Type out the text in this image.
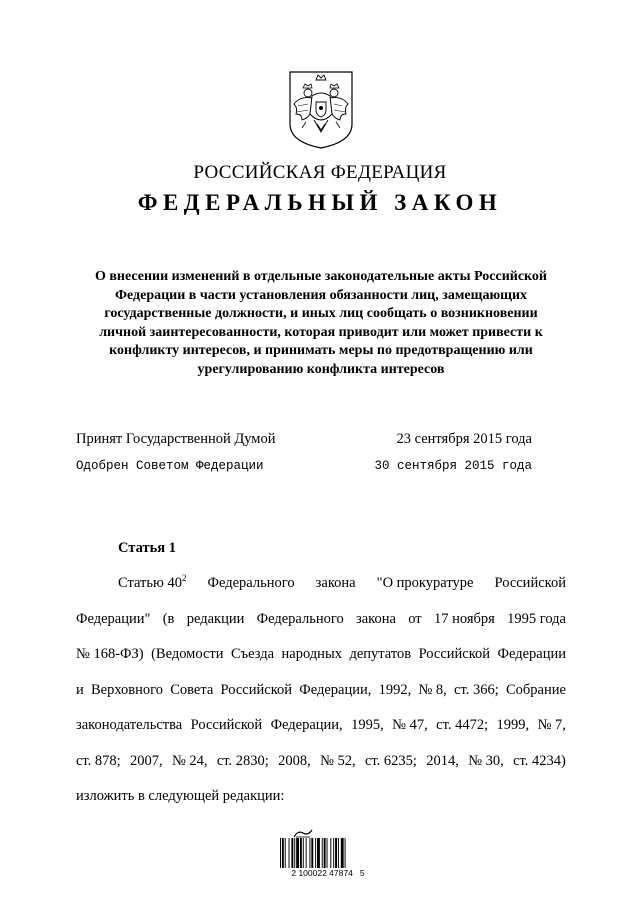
РОССИЙСКАЯ ФЕДЕРАЦИЯ
ФЕДЕРАЛЬНЫЙ ЗАКОН
О внесении изменений в отдельные законодательные акты Российской Федерации в части установления обязанности лиц, замещающих государственные должности, и иных лиц сообщать о возникновении личной заинтересованности, которая приводит или может привести к конфликту интересов, и принимать меры по предотвращению или урегулированию конфликта интересов
Принят Государственной Думой	23 сентября 2015 года
Одобрен Советом Федерации	30 сентября 2015 года
Статья 1
Статью $40^2$ Федерального закона "О прокуратуре Российской
Федерации" (в редакции Федерального закона от 17 ноября 1995 года
№ 168-ФЗ) (Ведомости Съезда народных депутатов Российской Федерации
и Верховного Совета Российской Федерации, 1992, № 8, ст. 366; Собрание
законодательства Российской Федерации, 1995, № 47, ст. 4472; 1999, № 7,
ст. 878; 2007, № 24, ст. 2830; 2008, № 52, ст. 6235; 2014, № 30, ст. 4234)
изложить в следующей редакции:
2 100022 47874   5
